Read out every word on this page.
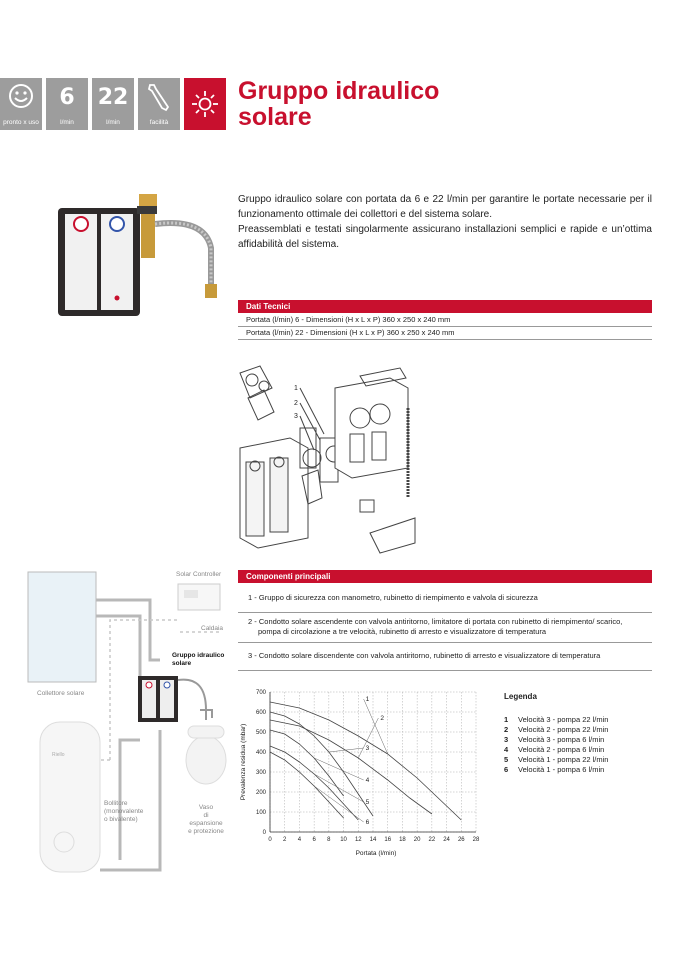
pronto x uso
6
l/min
22
l/min	facilità
Gruppo idraulico
solare
Gruppo idraulico solare con portata da 6 e 22 l/min per garantire le portate necessarie per il funzionamento ottimale dei collettori e del sistema solare.
Preassemblati e testati singolarmente assicurano installazioni semplici e rapide e un’ottima affidabilità del sistema.
Dati Tecnici
Portata (l/min) 6 - Dimensioni (H x L x P) 360 x 250 x 240 mm
Portata (l/min) 22 - Dimensioni (H x L x P) 360 x 250 x 240 mm
1
2
3
Riello
Solar Controller
Caldaia
Gruppo idraulico
solare
Collettore solare
Bollitore
(monovalente
o bivalente)
Vaso
di espansione
e protezione
Componenti principali
1 - Gruppo di sicurezza con manometro, rubinetto di riempimento e valvola di sicurezza
2 - Condotto solare ascendente con valvola antiritorno, limitatore di portata con rubinetto di riempimento/ scarico, pompa di circolazione a tre velocità, rubinetto di arresto e visualizzatore di temperatura
3 - Condotto solare discendente con valvola antiritorno, rubinetto di arresto e visualizzatore di temperatura
0
100
200
300
400
500
600
700
0 2 4 6 8 10 12 14 16 18 20 22 24 26 28
1
2
3
4
5
6
Prevalenza residua (mbar)
Portata (l/min)
Legenda
1 Velocità 3 - pompa 22 l/min
2 Velocità 2 - pompa 22 l/min
3 Velocità 3 - pompa 6 l/min
4 Velocità 2 - pompa 6 l/min
5 Velocità 1 - pompa 22 l/min
6 Velocità 1 - pompa 6 l/min
